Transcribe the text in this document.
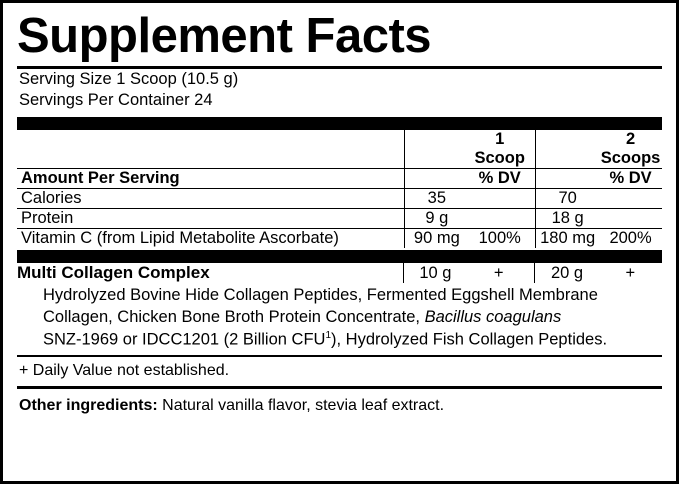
Supplement Facts
Serving Size 1 Scoop (10.5 g)
Servings Per Container 24
			1 Scoop			2 Scoops

Amount Per Serving			% DV			% DV

Calories		35			70	

Protein		9 g			18 g	

Vitamin C (from Lipid Metabolite Ascorbate)		90 mg	100%		180 mg	200%
Multi Collagen Complex		10 g	+		20 g	+
Hydrolyzed Bovine Hide Collagen Peptides, Fermented Eggshell Membrane
Collagen, Chicken Bone Broth Protein Concentrate, Bacillus coagulans
SNZ-1969 or IDCC1201 (2 Billion CFU$^1$), Hydrolyzed Fish Collagen Peptides.
+ Daily Value not established.
Other ingredients: Natural vanilla flavor, stevia leaf extract.
